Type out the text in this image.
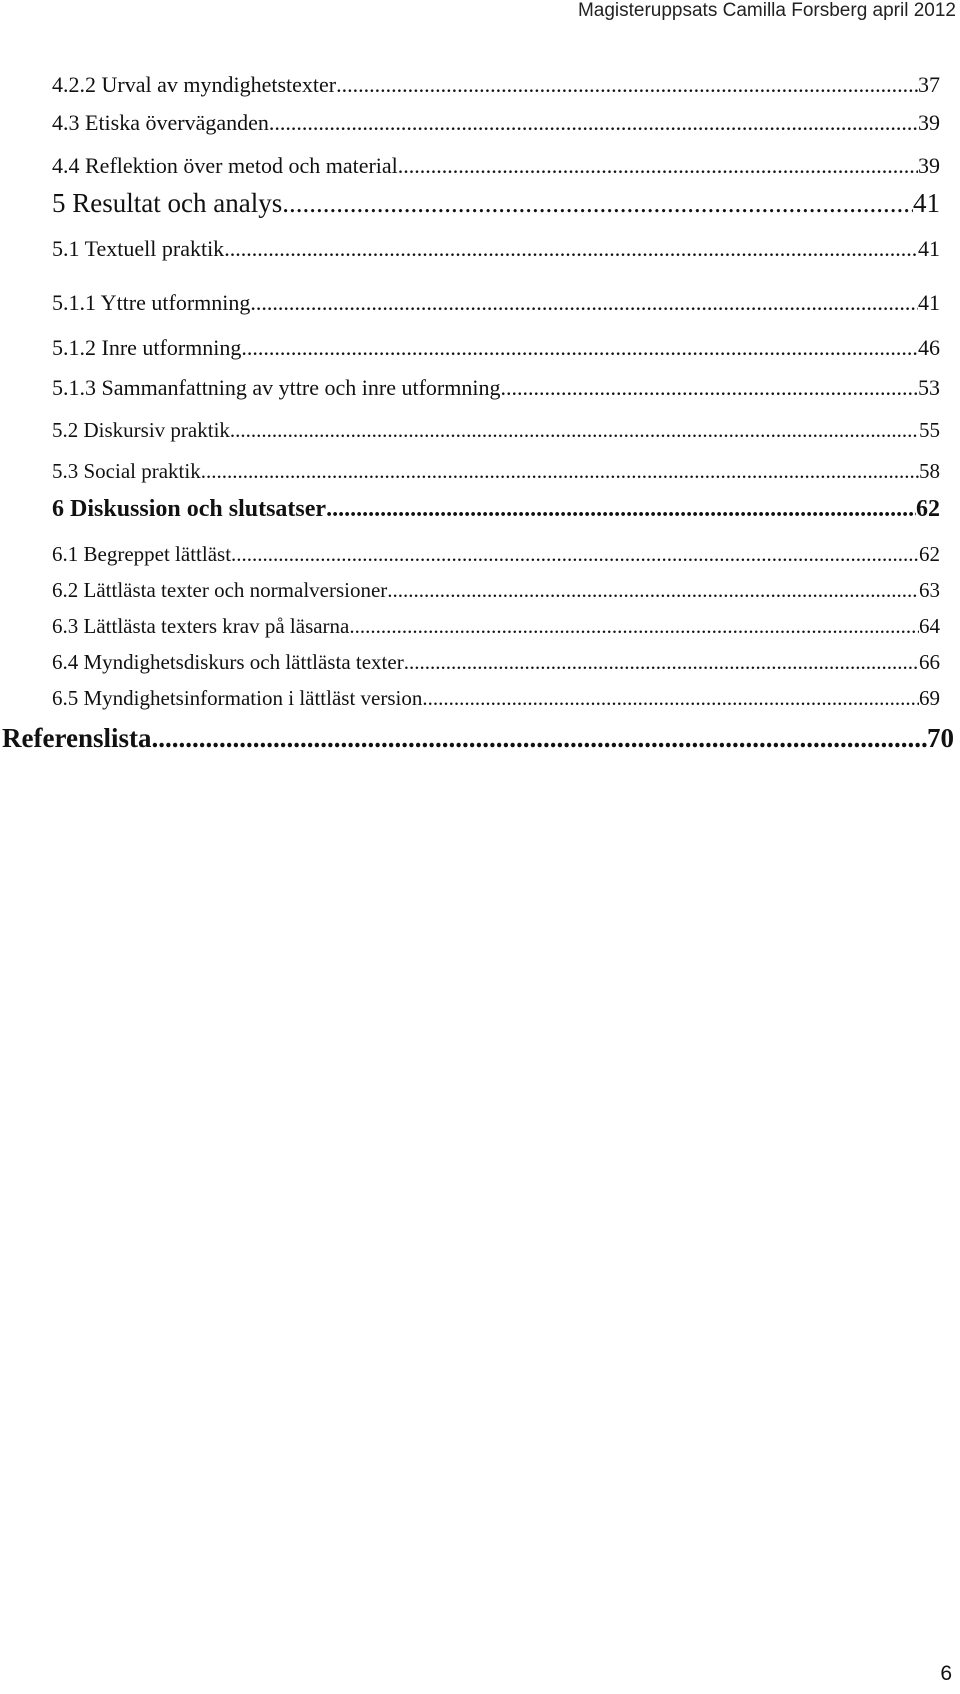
Magisteruppsats Camilla Forsberg april 2012
4.2.2 Urval av myndighetstexter .....	37
4.3 Etiska överväganden .....	39
4.4 Reflektion över metod och material .....	39
5 Resultat och analys .....	41
5.1 Textuell praktik .....	41
5.1.1 Yttre utformning .....	41
5.1.2 Inre utformning .....	46
5.1.3 Sammanfattning av yttre och inre utformning .....	53
5.2 Diskursiv praktik .....	55
5.3 Social praktik .....	58
6 Diskussion och slutsatser .....	62
6.1 Begreppet lättläst .....	62
6.2 Lättlästa texter och normalversioner .....	63
6.3 Lättlästa texters krav på läsarna .....	64
6.4 Myndighetsdiskurs och lättlästa texter .....	66
6.5 Myndighetsinformation i lättläst version .....	69
Referenslista .....	70
6
